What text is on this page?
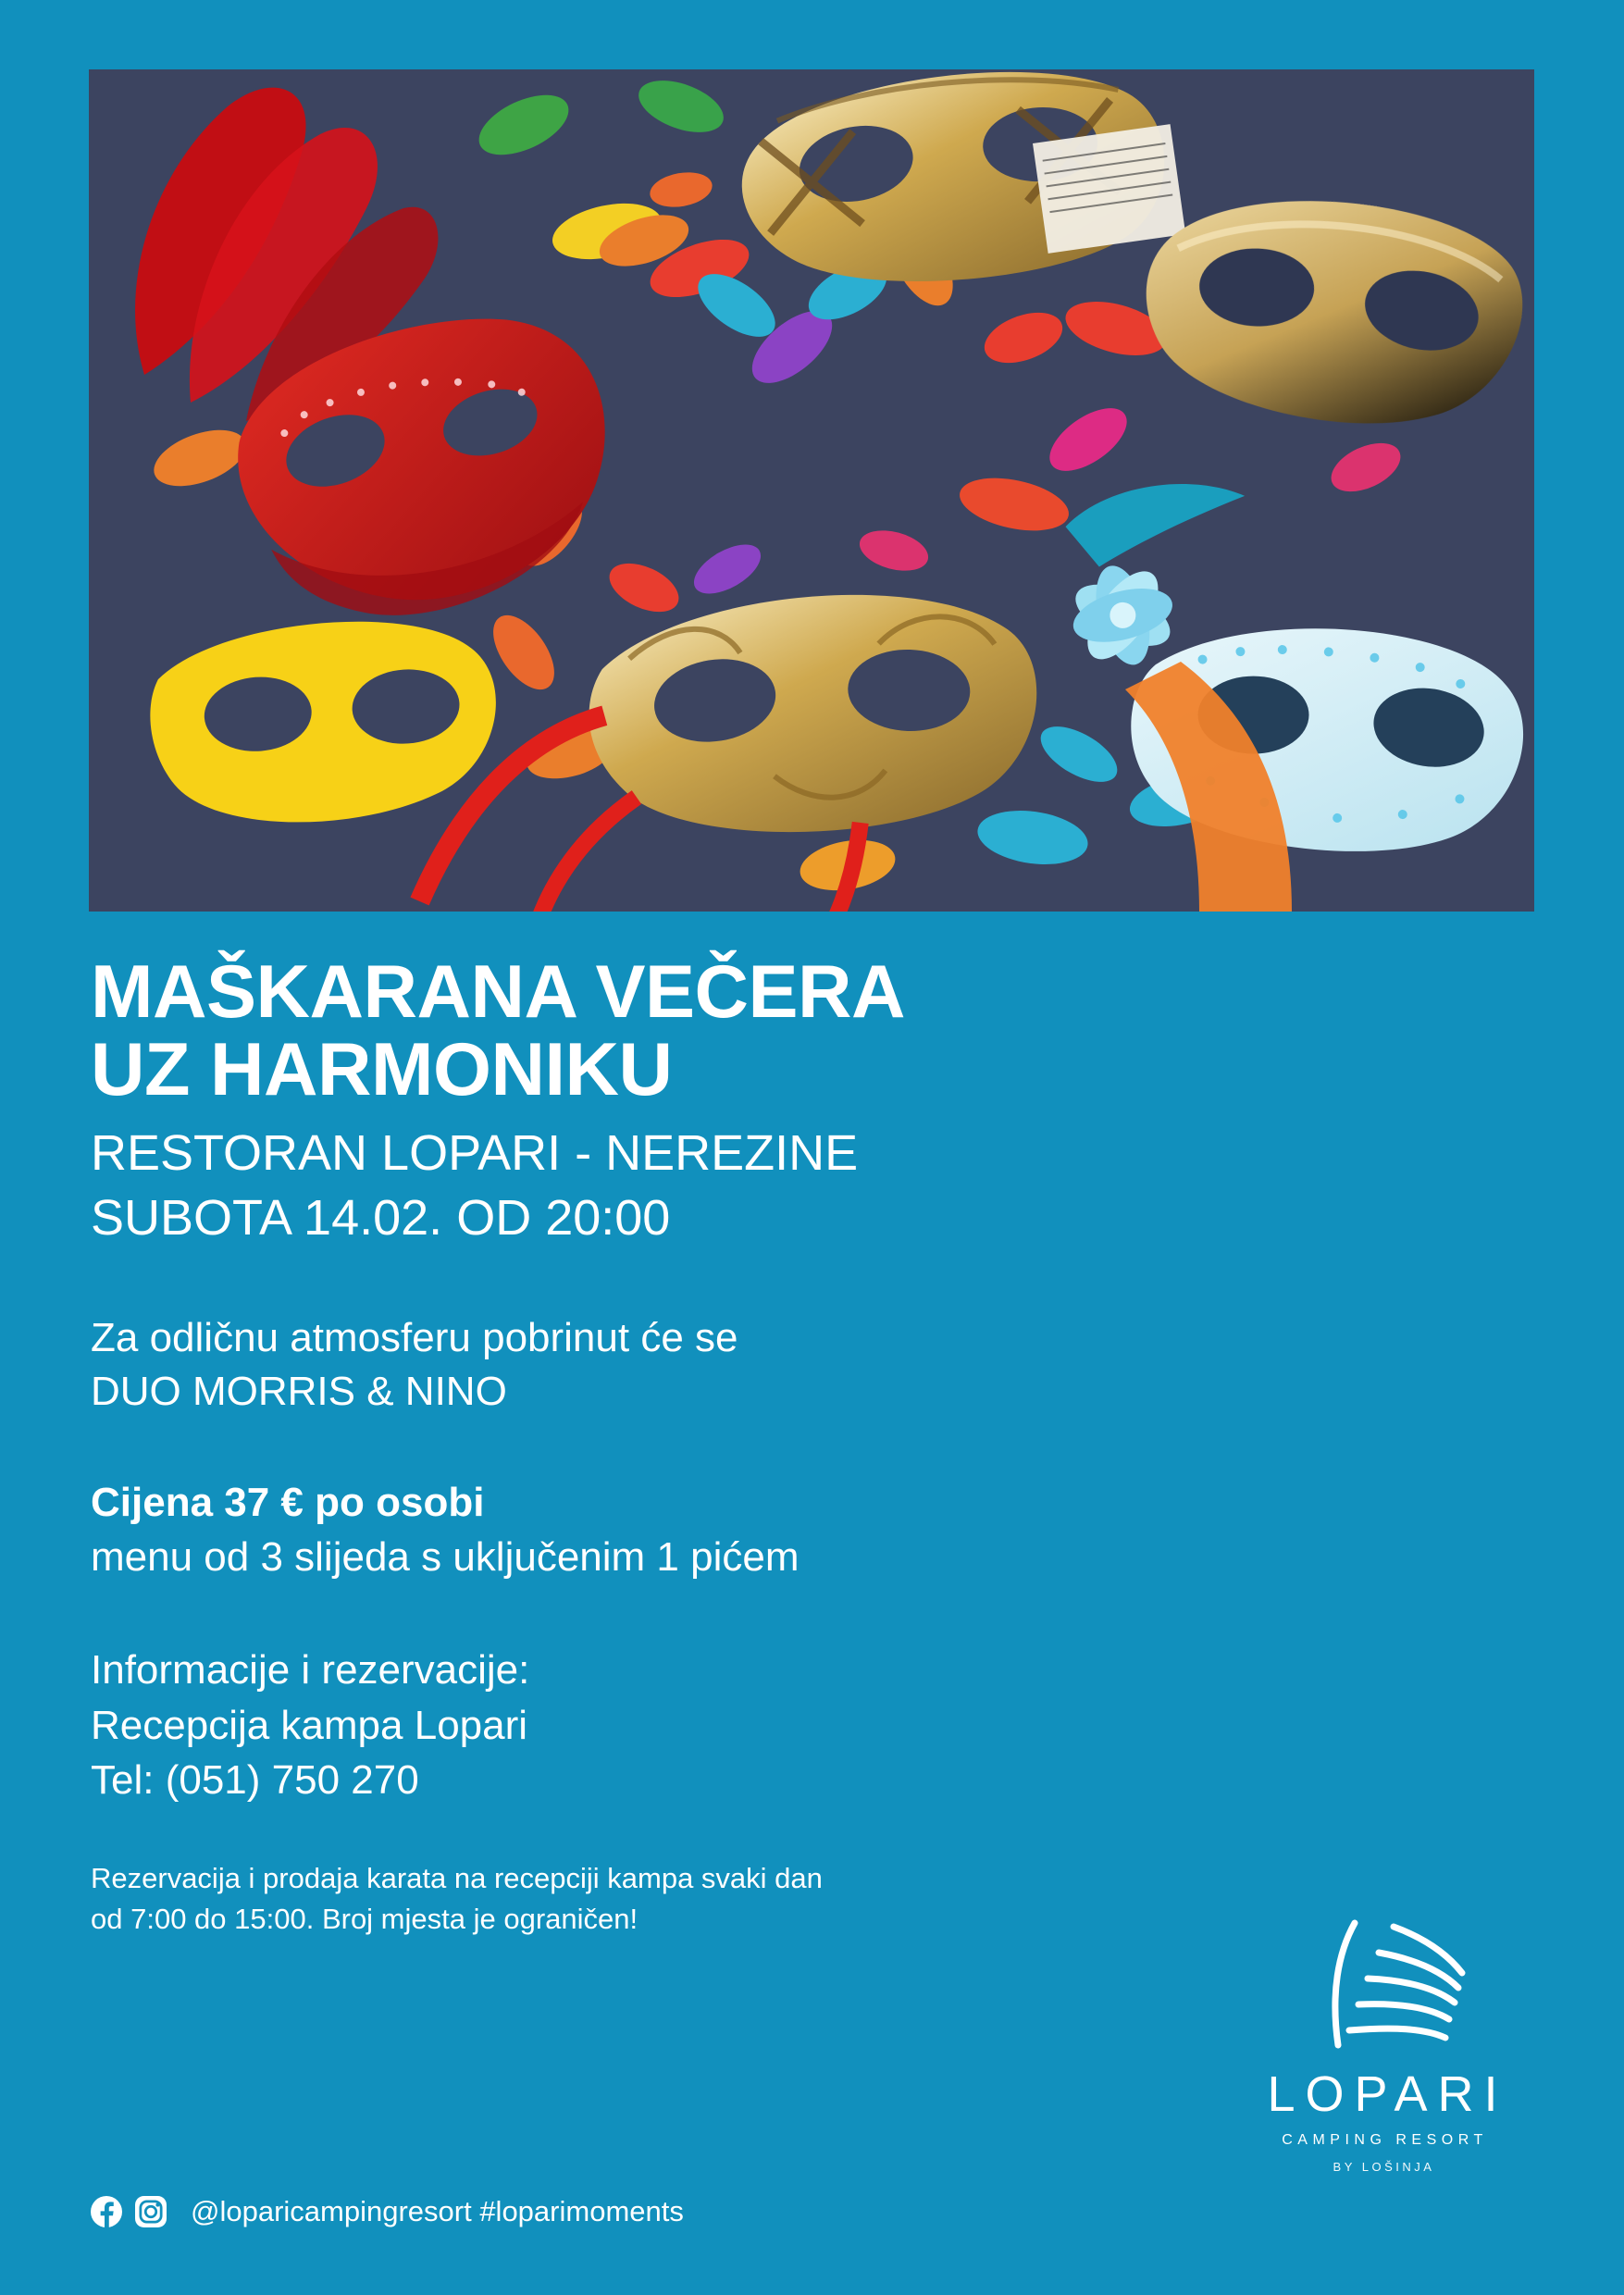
MAŠKARANA VEČERA
UZ HARMONIKU
RESTORAN LOPARI - NEREZINE
SUBOTA 14.02. OD 20:00
Za odličnu atmosferu pobrinut će se
DUO MORRIS & NINO
Cijena 37 € po osobi
menu od 3 slijeda s uključenim 1 pićem
Informacije i rezervacije:
Recepcija kampa Lopari
Tel: (051) 750 270
Rezervacija i prodaja karata na recepciji kampa svaki dan
od 7:00 do 15:00. Broj mjesta je ograničen!
@loparicampingresort #loparimoments
LOPARI
CAMPING RESORT
BY LOŠINJA
